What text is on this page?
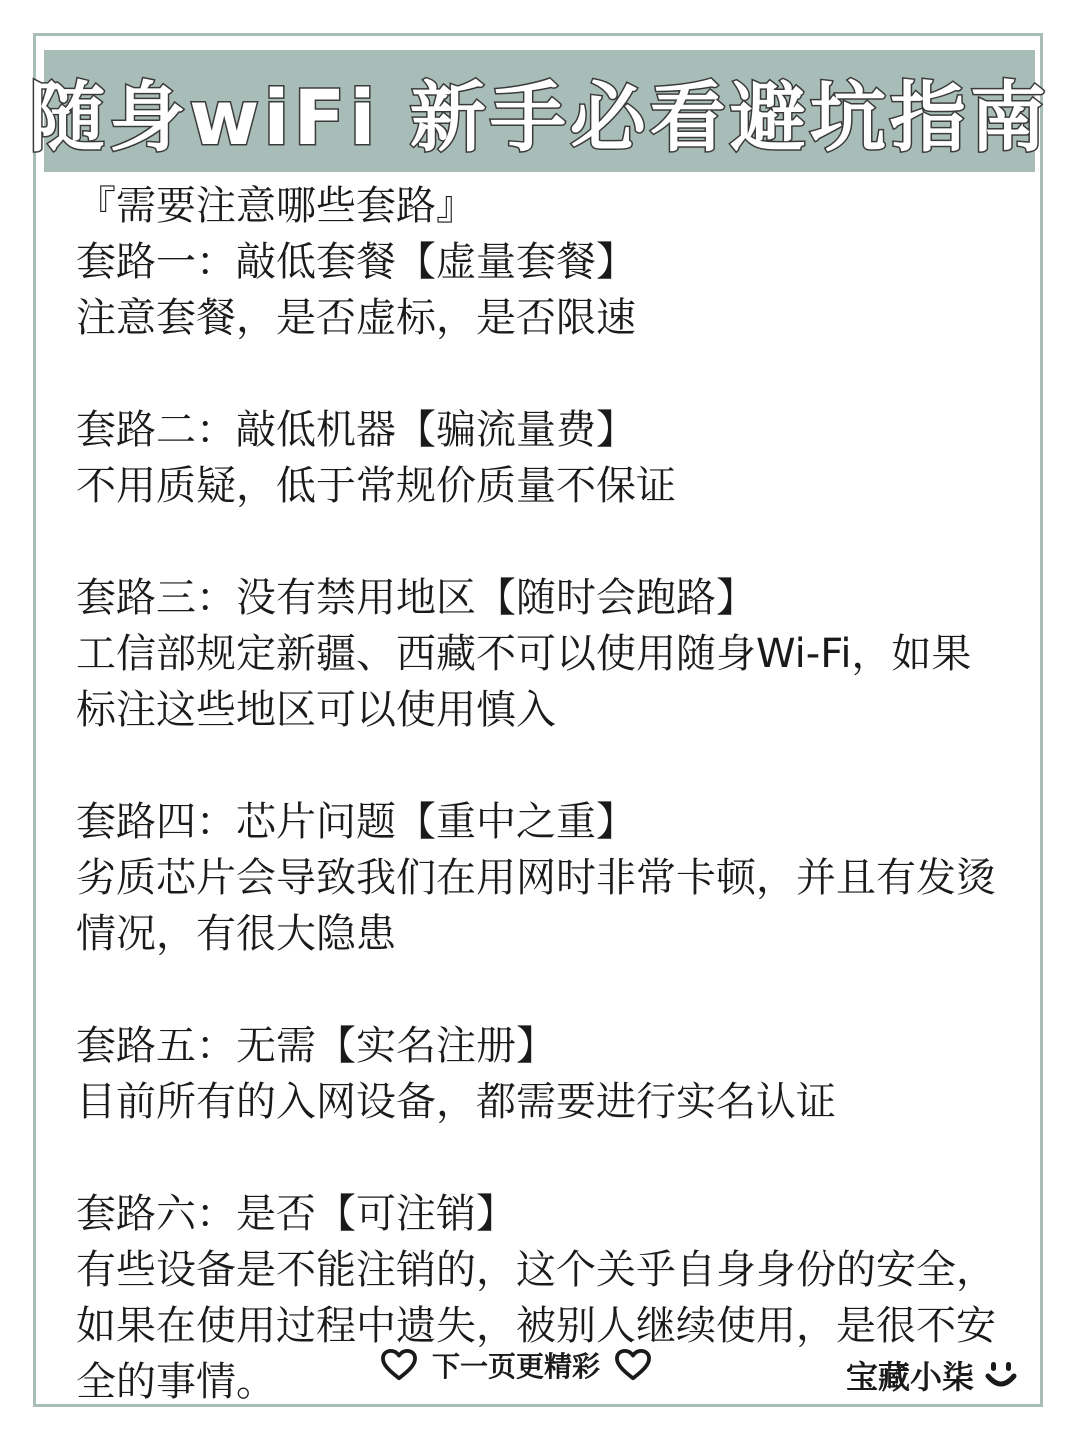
随身wiFi 新手必看避坑指南
『需要注意哪些套路』
套路一：敲低套餐【虚量套餐】
注意套餐，是否虚标，是否限速
套路二：敲低机器【骗流量费】
不用质疑，低于常规价质量不保证
套路三：没有禁用地区【随时会跑路】
工信部规定新疆、西藏不可以使用随身Wi-Fi，如果标注这些地区可以使用慎入
套路四：芯片问题【重中之重】
劣质芯片会导致我们在用网时非常卡顿，并且有发烫情况，有很大隐患
套路五：无需【实名注册】
目前所有的入网设备，都需要进行实名认证
套路六：是否【可注销】
有些设备是不能注销的，这个关乎自身身份的安全，如果在使用过程中遗失，被别人继续使用，是很不安全的事情。	下一页更精彩	宝藏小柒
